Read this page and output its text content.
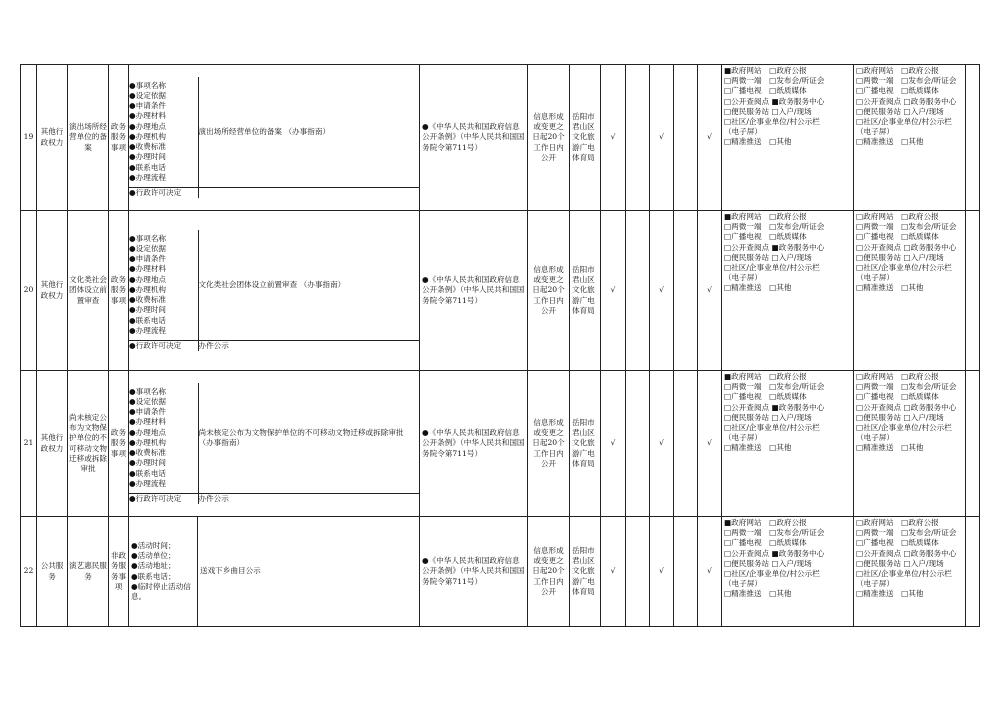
19	其他行政权力	演出场所经营单位的备案	政务服务事项	
●事项名称
●设定依据
●申请条件
●办理材料
●办理地点
●办理机构
●收费标准
●办理时间
●联系电话
●办理流程
	演出场所经营单位的备案 （办事指南）
●行政许可决定	
	●《中华人民共和国政府信息公开条例》（中华人民共和国国务院令第711号）	信息形成或变更之日起20个工作日内公开	岳阳市君山区文化旅游广电体育局	√		√		√	
■政府网站　□政府公报
□两微一端　□发布会/听证会
□广播电视　□纸质媒体
□公开查阅点 ■政务服务中心
□便民服务站 □入户/现场
□社区/企事业单位/村公示栏
（电子屏）
□精准推送　□其他

□政府网站　□政府公报
□两微一端　□发布会/听证会
□广播电视　□纸质媒体
□公开查阅点 □政务服务中心
□便民服务站 □入户/现场
□社区/企事业单位/村公示栏
（电子屏）
□精准推送　□其他

20	其他行政权力	文化类社会团体设立前置审查	政务服务事项	
●事项名称
●设定依据
●申请条件
●办理材料
●办理地点
●办理机构
●收费标准
●办理时间
●联系电话
●办理流程
	文化类社会团体设立前置审查 （办事指南）
●行政许可决定	办件公示
	●《中华人民共和国政府信息公开条例》（中华人民共和国国务院令第711号）	信息形成或变更之日起20个工作日内公开	岳阳市君山区文化旅游广电体育局	√		√		√	
■政府网站　□政府公报
□两微一端　□发布会/听证会
□广播电视　□纸质媒体
□公开查阅点 ■政务服务中心
□便民服务站 □入户/现场
□社区/企事业单位/村公示栏
（电子屏）
□精准推送　□其他

□政府网站　□政府公报
□两微一端　□发布会/听证会
□广播电视　□纸质媒体
□公开查阅点 □政务服务中心
□便民服务站 □入户/现场
□社区/企事业单位/村公示栏
（电子屏）
□精准推送　□其他

21	其他行政权力	尚未核定公布为文物保护单位的不可移动文物迁移或拆除审批	政务服务事项	
●事项名称
●设定依据
●申请条件
●办理材料
●办理地点
●办理机构
●收费标准
●办理时间
●联系电话
●办理流程
	尚未核定公布为文物保护单位的不可移动文物迁移或拆除审批 （办事指南）
●行政许可决定	办件公示
	●《中华人民共和国政府信息公开条例》（中华人民共和国国务院令第711号）	信息形成或变更之日起20个工作日内公开	岳阳市君山区文化旅游广电体育局	√		√		√	
■政府网站　□政府公报
□两微一端　□发布会/听证会
□广播电视　□纸质媒体
□公开查阅点 ■政务服务中心
□便民服务站 □入户/现场
□社区/企事业单位/村公示栏
（电子屏）
□精准推送　□其他

□政府网站　□政府公报
□两微一端　□发布会/听证会
□广播电视　□纸质媒体
□公开查阅点 □政务服务中心
□便民服务站 □入户/现场
□社区/企事业单位/村公示栏
（电子屏）
□精准推送　□其他

22	公共服务	演艺惠民服务	非政务服务事项	
●活动时间；
●活动单位；
●活动地址；
●联系电话；
●临时停止活动信息。
	送戏下乡曲目公示	●《中华人民共和国政府信息公开条例》（中华人民共和国国务院令第711号）	信息形成或变更之日起20个工作日内公开	岳阳市君山区文化旅游广电体育局	√		√		√	
■政府网站　□政府公报
□两微一端　□发布会/听证会
□广播电视　□纸质媒体
□公开查阅点 ■政务服务中心
□便民服务站 □入户/现场
□社区/企事业单位/村公示栏
（电子屏）
□精准推送　□其他

□政府网站　□政府公报
□两微一端　□发布会/听证会
□广播电视　□纸质媒体
□公开查阅点 □政务服务中心
□便民服务站 □入户/现场
□社区/企事业单位/村公示栏
（电子屏）
□精准推送　□其他
